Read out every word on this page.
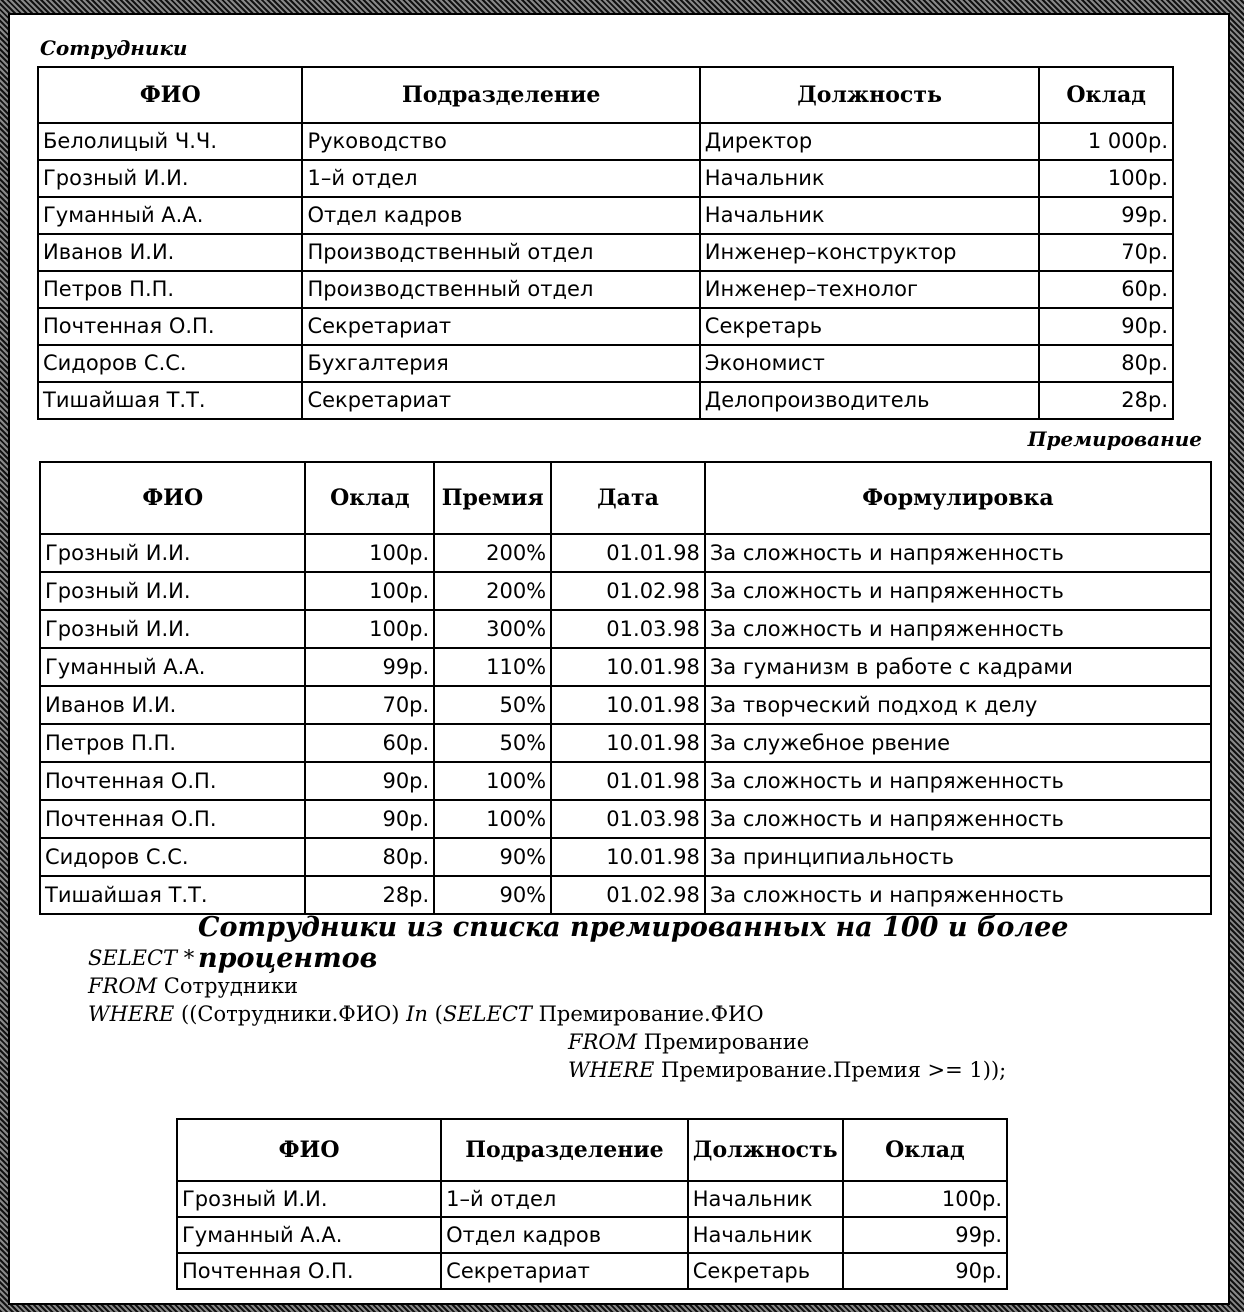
Сотрудники
ФИО	Подразделение	Должность	Оклад
Белолицый Ч.Ч.	Руководство	Директор	1 000р.
Грозный И.И.	1–й отдел	Начальник	100р.
Гуманный А.А.	Отдел кадров	Начальник	99р.
Иванов И.И.	Производственный отдел	Инженер–конструктор	70р.
Петров П.П.	Производственный отдел	Инженер–технолог	60р.
Почтенная О.П.	Секретариат	Секретарь	90р.
Сидоров С.С.	Бухгалтерия	Экономист	80р.
Тишайшая Т.Т.	Секретариат	Делопроизводитель	28р.
Премирование
ФИО	Оклад	Премия	Дата	Формулировка
Грозный И.И.	100р.	200%	01.01.98	За сложность и напряженность
Грозный И.И.	100р.	200%	01.02.98	За сложность и напряженность
Грозный И.И.	100р.	300%	01.03.98	За сложность и напряженность
Гуманный А.А.	99р.	110%	10.01.98	За гуманизм в работе с кадрами
Иванов И.И.	70р.	50%	10.01.98	За творческий подход к делу
Петров П.П.	60р.	50%	10.01.98	За служебное рвение
Почтенная О.П.	90р.	100%	01.01.98	За сложность и напряженность
Почтенная О.П.	90р.	100%	01.03.98	За сложность и напряженность
Сидоров С.С.	80р.	90%	10.01.98	За принципиальность
Тишайшая Т.Т.	28р.	90%	01.02.98	За сложность и напряженность
Сотрудники из списка премированных на 100 и более процентов
SELECT *
FROM Сотрудники
WHERE ((Сотрудники.ФИО) In (SELECT Премирование.ФИО
FROM Премирование
WHERE Премирование.Премия >= 1));
ФИО	Подразделение	Должность	Оклад
Грозный И.И.	1–й отдел	Начальник	100р.
Гуманный А.А.	Отдел кадров	Начальник	99р.
Почтенная О.П.	Секретариат	Секретарь	90р.
